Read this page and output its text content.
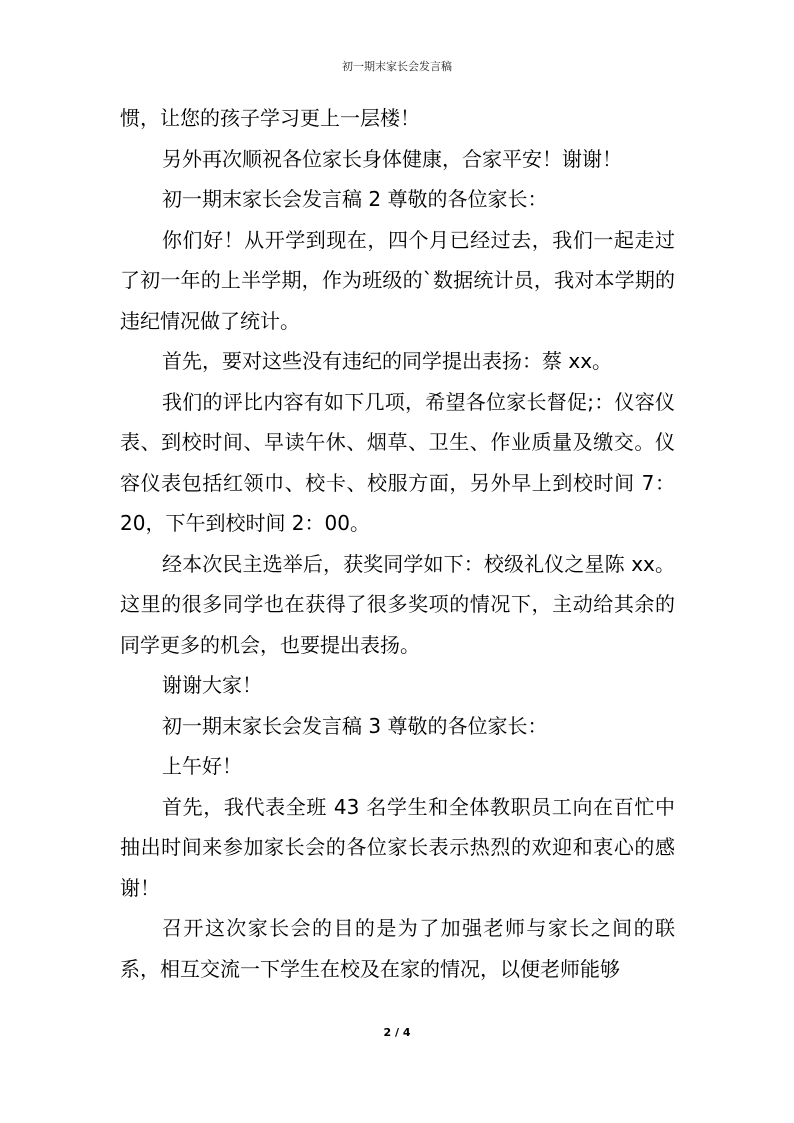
初一期末家长会发言稿

惯，让您的孩子学习更上一层楼！

另外再次顺祝各位家长身体健康，合家平安！谢谢！

初一期末家长会发言稿 2 尊敬的各位家长：

你们好！从开学到现在，四个月已经过去，我们一起走过了初一年的上半学期，作为班级的`数据统计员，我对本学期的违纪情况做了统计。

首先，要对这些没有违纪的同学提出表扬：蔡 xx。

我们的评比内容有如下几项，希望各位家长督促;：仪容仪表、到校时间、早读午休、烟草、卫生、作业质量及缴交。仪容仪表包括红领巾、校卡、校服方面，另外早上到校时间 7：20，下午到校时间 2：00。

经本次民主选举后，获奖同学如下：校级礼仪之星陈 xx。这里的很多同学也在获得了很多奖项的情况下，主动给其余的同学更多的机会，也要提出表扬。

谢谢大家！

初一期末家长会发言稿 3 尊敬的各位家长：

上午好！

首先，我代表全班 43 名学生和全体教职员工向在百忙中抽出时间来参加家长会的各位家长表示热烈的欢迎和衷心的感谢！

召开这次家长会的目的是为了加强老师与家长之间的联系，相互交流一下学生在校及在家的情况，以便老师能够

2 / 4
